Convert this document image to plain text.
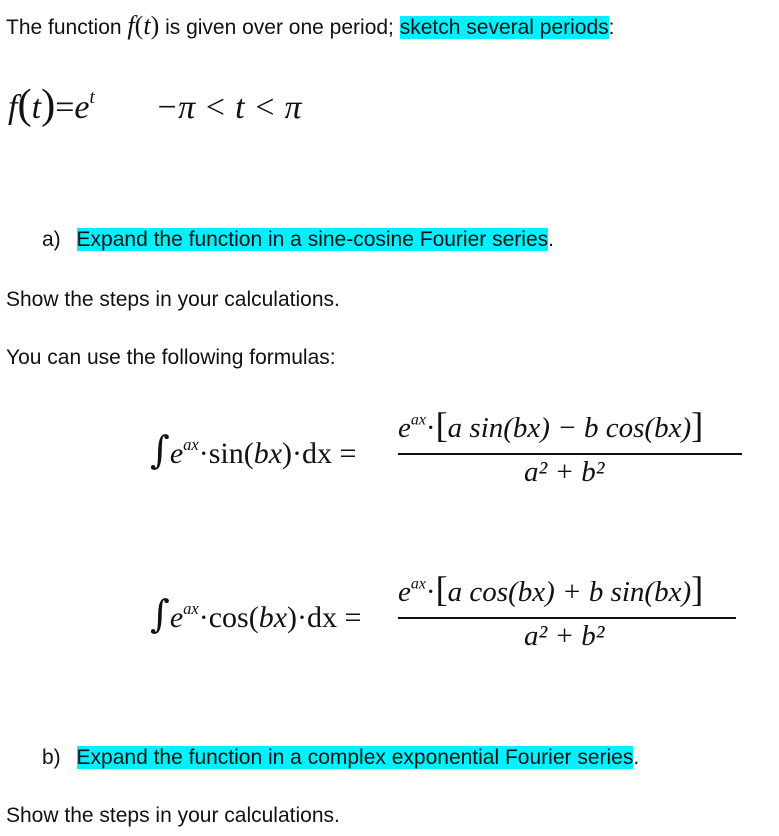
The function f(t) is given over one period; sketch several periods:
$f(t)=e^t -\pi < t < \pi$
a) Expand the function in a sine-cosine Fourier series.
Show the steps in your calculations.
You can use the following formulas:
$\int e^{ax}\cdot\sin(bx)\cdot dx$ =
$e^{ax}\cdot[a$ sin(bx) − b cos(bx)]
a² + b²
$\int e^{ax}\cdot\cos(bx)\cdot dx$ =
$e^{ax}\cdot[a$ cos(bx) + b sin(bx)]
a² + b²
b) Expand the function in a complex exponential Fourier series.
Show the steps in your calculations.
